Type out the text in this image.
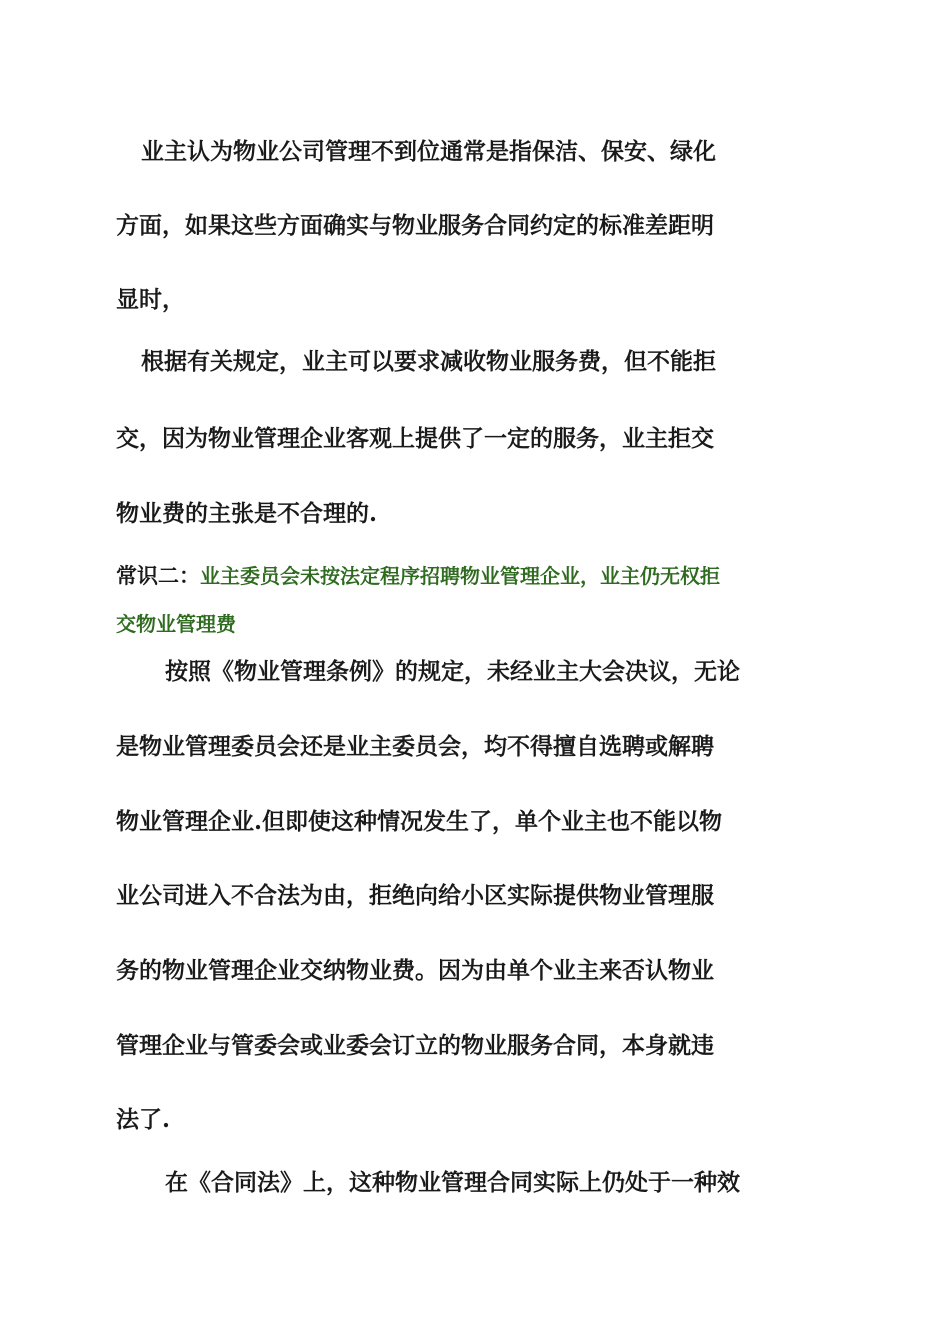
业主认为物业公司管理不到位通常是指保洁、保安、绿化
方面，如果这些方面确实与物业服务合同约定的标准差距明
显时，
根据有关规定，业主可以要求减收物业服务费，但不能拒
交，因为物业管理企业客观上提供了一定的服务，业主拒交
物业费的主张是不合理的.
常识二：业主委员会未按法定程序招聘物业管理企业，业主仍无权拒
交物业管理费
按照《物业管理条例》的规定，未经业主大会决议，无论
是物业管理委员会还是业主委员会，均不得擅自选聘或解聘
物业管理企业.但即使这种情况发生了，单个业主也不能以物
业公司进入不合法为由，拒绝向给小区实际提供物业管理服
务的物业管理企业交纳物业费。因为由单个业主来否认物业
管理企业与管委会或业委会订立的物业服务合同，本身就违
法了.
在《合同法》上，这种物业管理合同实际上仍处于一种效
